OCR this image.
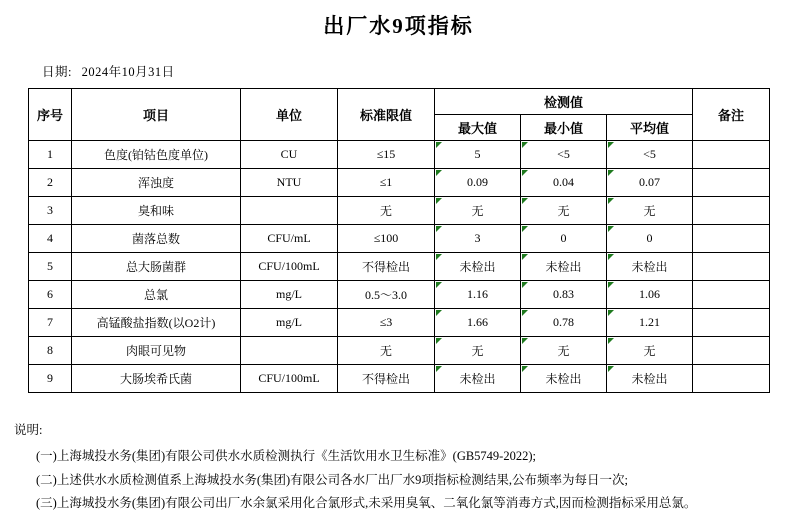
出厂水9项指标
日期: 2024年10月31日
序号	项目	单位	标准限值	检测值			备注
				最大值	最小值	平均值	
1	色度(铂钴色度单位)	CU	≤15	5	<5	<5	
2	浑浊度	NTU	≤1	0.09	0.04	0.07	
3	臭和味		无	无	无	无	
4	菌落总数	CFU/mL	≤100	3	0	0	
5	总大肠菌群	CFU/100mL	不得检出	未检出	未检出	未检出	
6	总氯	mg/L	0.5～3.0	1.16	0.83	1.06	
7	高锰酸盐指数(以O2计)	mg/L	≤3	1.66	0.78	1.21	
8	肉眼可见物		无	无	无	无	
9	大肠埃希氏菌	CFU/100mL	不得检出	未检出	未检出	未检出	
说明:
(一)上海城投水务(集团)有限公司供水水质检测执行《生活饮用水卫生标准》(GB5749-2022);
(二)上述供水水质检测值系上海城投水务(集团)有限公司各水厂出厂水9项指标检测结果,公布频率为每日一次;
(三)上海城投水务(集团)有限公司出厂水余氯采用化合氯形式,未采用臭氧、二氧化氯等消毒方式,因而检测指标采用总氯。
